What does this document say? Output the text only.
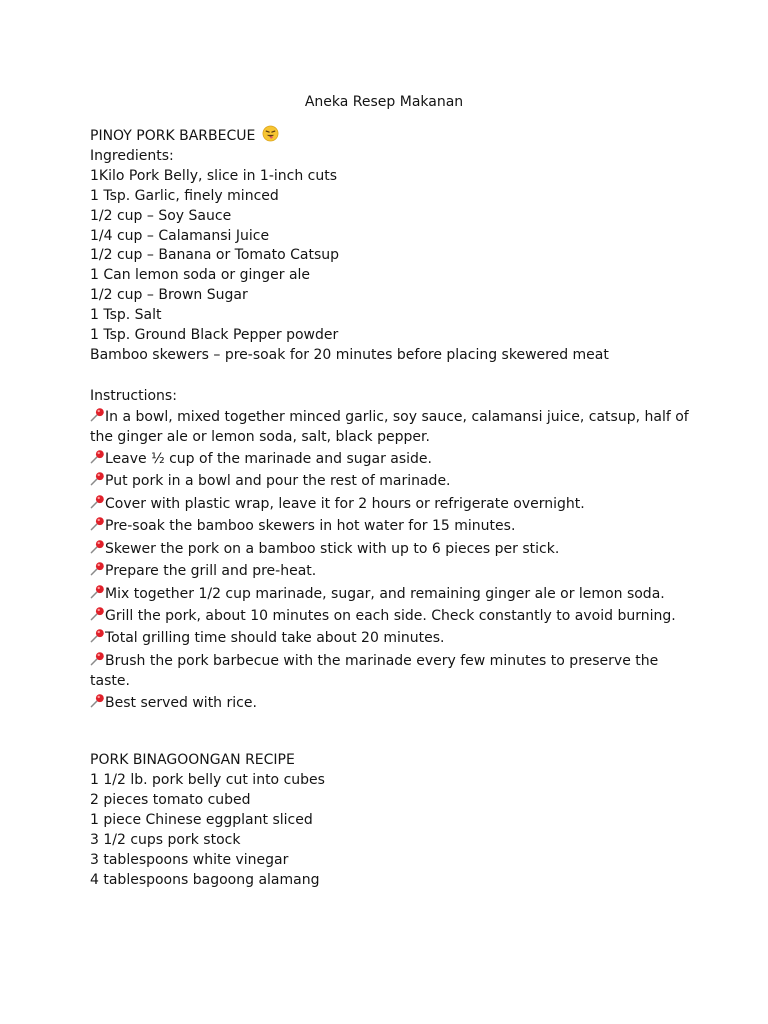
Aneka Resep Makanan
PINOY PORK BARBECUE
Ingredients:
1Kilo Pork Belly, slice in 1-inch cuts
1 Tsp. Garlic, finely minced
1/2 cup – Soy Sauce
1/4 cup – Calamansi Juice
1/2 cup – Banana or Tomato Catsup
1 Can lemon soda or ginger ale
1/2 cup – Brown Sugar
1 Tsp. Salt
1 Tsp. Ground Black Pepper powder
Bamboo skewers – pre-soak for 20 minutes before placing skewered meat
Instructions:
In a bowl, mixed together minced garlic, soy sauce, calamansi juice, catsup, half of the ginger ale or lemon soda, salt, black pepper.
Leave ½ cup of the marinade and sugar aside.
Put pork in a bowl and pour the rest of marinade.
Cover with plastic wrap, leave it for 2 hours or refrigerate overnight.
Pre-soak the bamboo skewers in hot water for 15 minutes.
Skewer the pork on a bamboo stick with up to 6 pieces per stick.
Prepare the grill and pre-heat.
Mix together 1/2 cup marinade, sugar, and remaining ginger ale or lemon soda.
Grill the pork, about 10 minutes on each side. Check constantly to avoid burning.
Total grilling time should take about 20 minutes.
Brush the pork barbecue with the marinade every few minutes to preserve the taste.
Best served with rice.
PORK BINAGOONGAN RECIPE
1 1/2 lb. pork belly cut into cubes
2 pieces tomato cubed
1 piece Chinese eggplant sliced
3 1/2 cups pork stock
3 tablespoons white vinegar
4 tablespoons bagoong alamang
